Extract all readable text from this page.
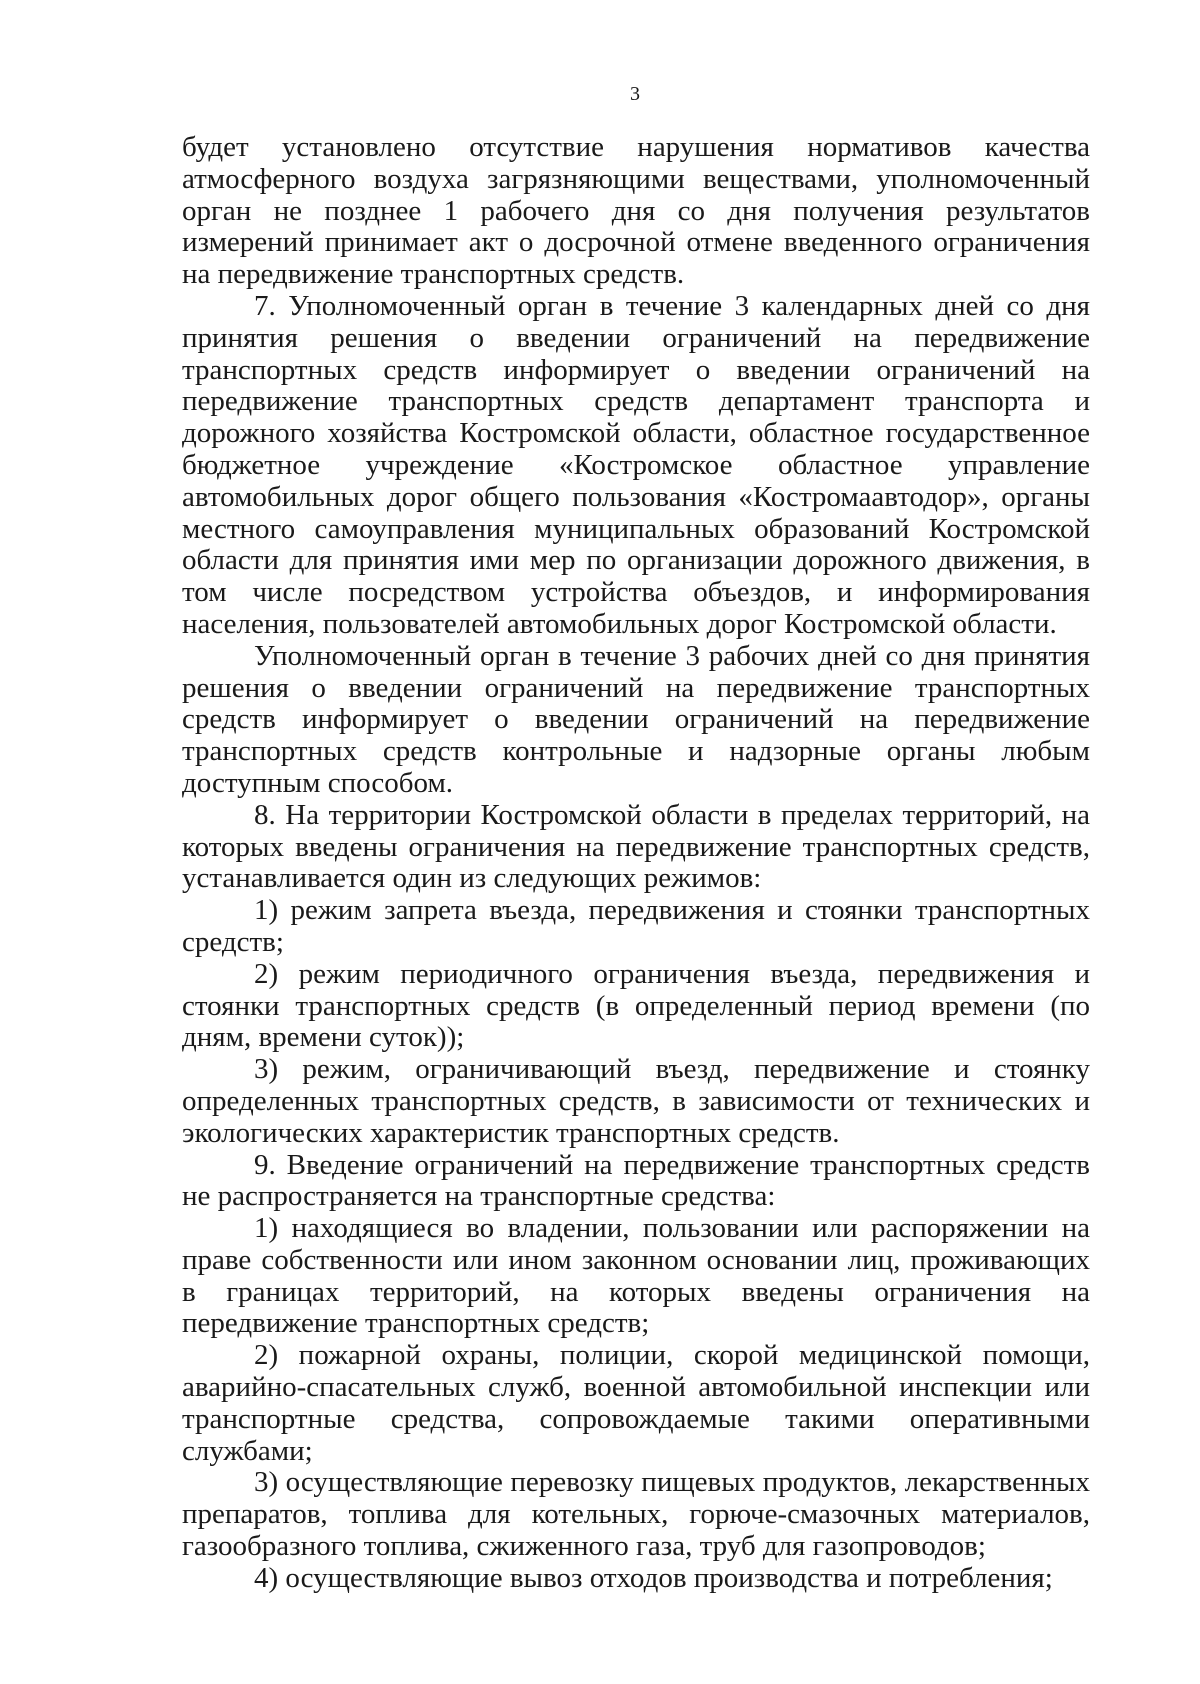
3

будет установлено отсутствие нарушения нормативов качества атмосферного воздуха загрязняющими веществами, уполномоченный орган не позднее 1 рабочего дня со дня получения результатов измерений принимает акт о досрочной отмене введенного ограничения на передвижение транспортных средств.

7. Уполномоченный орган в течение 3 календарных дней со дня принятия решения о введении ограничений на передвижение транспортных средств информирует о введении ограничений на передвижение транспортных средств департамент транспорта и дорожного хозяйства Костромской области, областное государственное бюджетное учреждение «Костромское областное управление автомобильных дорог общего пользования «Костромаавтодор», органы местного самоуправления муниципальных образований Костромской области для принятия ими мер по организации дорожного движения, в том числе посредством устройства объездов, и информирования населения, пользователей автомобильных дорог Костромской области.

Уполномоченный орган в течение 3 рабочих дней со дня принятия решения о введении ограничений на передвижение транспортных средств информирует о введении ограничений на передвижение транспортных средств контрольные и надзорные органы любым доступным способом.

8. На территории Костромской области в пределах территорий, на которых введены ограничения на передвижение транспортных средств, устанавливается один из следующих режимов:

1) режим запрета въезда, передвижения и стоянки транспортных средств;

2) режим периодичного ограничения въезда, передвижения и стоянки транспортных средств (в определенный период времени (по дням, времени суток));

3) режим, ограничивающий въезд, передвижение и стоянку определенных транспортных средств, в зависимости от технических и экологических характеристик транспортных средств.

9. Введение ограничений на передвижение транспортных средств не распространяется на транспортные средства:

1) находящиеся во владении, пользовании или распоряжении на праве собственности или ином законном основании лиц, проживающих в границах территорий, на которых введены ограничения на передвижение транспортных средств;

2) пожарной охраны, полиции, скорой медицинской помощи, аварийно-спасательных служб, военной автомобильной инспекции или транспортные средства, сопровождаемые такими оперативными службами;

3) осуществляющие перевозку пищевых продуктов, лекарственных препаратов, топлива для котельных, горюче-смазочных материалов, газообразного топлива, сжиженного газа, труб для газопроводов;

4) осуществляющие вывоз отходов производства и потребления;
